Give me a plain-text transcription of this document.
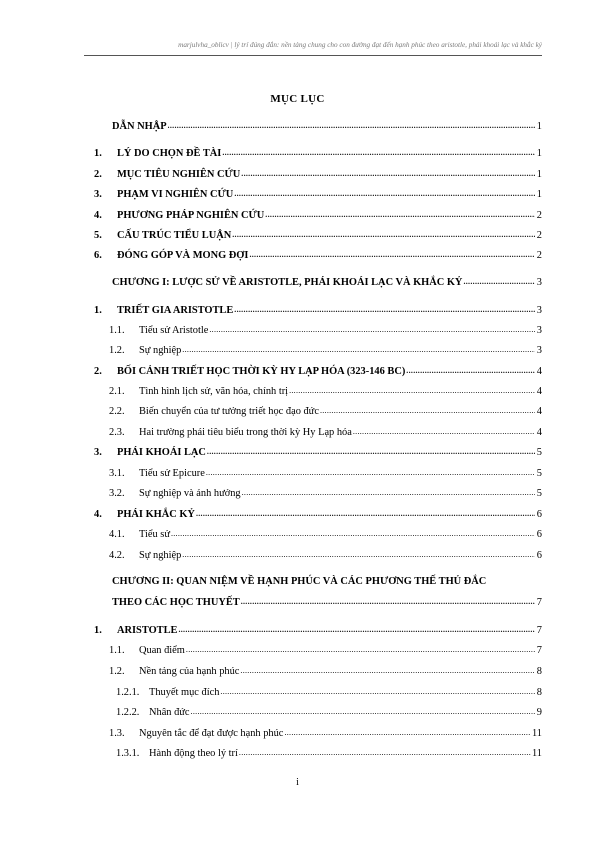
marjulvha_oblicv | lý trí đúng đắn: nền tảng chung cho con đường đạt đến hạnh phúc theo aristotle, phái khoái lạc và khắc kỷ
MỤC LỤC
DẪN NHẬP .....	1
1.	LÝ DO CHỌN ĐỀ TÀI .....	1
2.	MỤC TIÊU NGHIÊN CỨU .....	1
3.	PHẠM VI NGHIÊN CỨU .....	1
4.	PHƯƠNG PHÁP NGHIÊN CỨU .....	2
5.	CẤU TRÚC TIỂU LUẬN .....	2
6.	ĐÓNG GÓP VÀ MONG ĐỢI .....	2
CHƯƠNG I: LƯỢC SỬ VỀ ARISTOTLE, PHÁI KHOÁI LẠC VÀ KHẮC KỶ .....	3
1.	TRIẾT GIA ARISTOTLE .....	3
1.1.	Tiểu sử Aristotle .....	3
1.2.	Sự nghiệp .....	3
2.	BỐI CẢNH TRIẾT HỌC THỜI KỲ HY LẠP HÓA (323-146 BC) .....	4
2.1.	Tình hình lịch sử, văn hóa, chính trị .....	4
2.2.	Biến chuyển của tư tưởng triết học đạo đức .....	4
2.3.	Hai trường phái tiêu biểu trong thời kỳ Hy Lạp hóa .....	4
3.	PHÁI KHOÁI LẠC .....	5
3.1.	Tiểu sử Epicure .....	5
3.2.	Sự nghiệp và ảnh hưởng .....	5
4.	PHÁI KHẮC KỶ .....	6
4.1.	Tiểu sử .....	6
4.2.	Sự nghiệp .....	6
CHƯƠNG II: QUAN NIỆM VỀ HẠNH PHÚC VÀ CÁC PHƯƠNG THẾ THỦ ĐẮC
THEO CÁC HỌC THUYẾT .....	7
1.	ARISTOTLE .....	7
1.1.	Quan điểm .....	7
1.2.	Nền tảng của hạnh phúc .....	8
1.2.1. Thuyết mục đích .....	8
1.2.2. Nhân đức .....	9
1.3.	Nguyên tắc để đạt được hạnh phúc .....	11
1.3.1. Hành động theo lý trí .....	11
i
